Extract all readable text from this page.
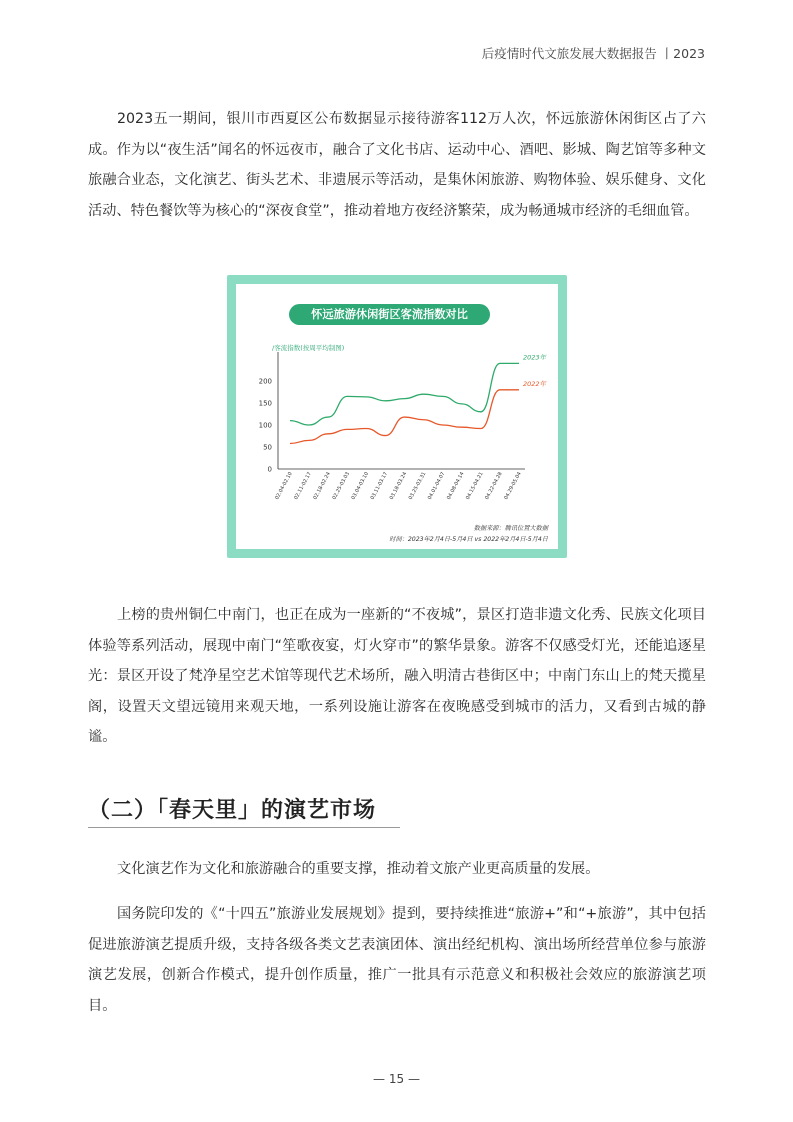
后疫情时代文旅发展大数据报告 丨2023

2023五一期间，银川市西夏区公布数据显示接待游客112万人次，怀远旅游休闲街区占了六成。作为以“夜生活”闻名的怀远夜市，融合了文化书店、运动中心、酒吧、影城、陶艺馆等多种文旅融合业态，文化演艺、街头艺术、非遗展示等活动，是集休闲旅游、购物体验、娱乐健身、文化活动、特色餐饮等为核心的“深夜食堂”，推动着地方夜经济繁荣，成为畅通城市经济的毛细血管。

怀远旅游休闲街区客流指数对比
/客流指数(按周平均制图)
200
150
100
50
0
02.04-02.10 02.11-02.17 02.18-02.24 02.25-03.03 03.04-03.10 03.11-03.17 03.18-03.24 03.25-03.31 04.01-04.07 04.08-04.14 04.15-04.21 04.22-04.28 04.29-05.04
2023年
2022年
数据来源：腾讯位置大数据
时间：2023年2月4日-5月4日 vs 2022年2月4日-5月4日

上榜的贵州铜仁中南门，也正在成为一座新的“不夜城”，景区打造非遗文化秀、民族文化项目体验等系列活动，展现中南门“笙歌夜宴，灯火穿市”的繁华景象。游客不仅感受灯光，还能追逐星光：景区开设了梵净星空艺术馆等现代艺术场所，融入明清古巷街区中；中南门东山上的梵天揽星阁，设置天文望远镜用来观天地，一系列设施让游客在夜晚感受到城市的活力，又看到古城的静谧。

（二）「春天里」的演艺市场

文化演艺作为文化和旅游融合的重要支撑，推动着文旅产业更高质量的发展。

国务院印发的《“十四五”旅游业发展规划》提到，要持续推进“旅游+”和“+旅游”，其中包括促进旅游演艺提质升级，支持各级各类文艺表演团体、演出经纪机构、演出场所经营单位参与旅游演艺发展，创新合作模式，提升创作质量，推广一批具有示范意义和积极社会效应的旅游演艺项目。

— 15 —
